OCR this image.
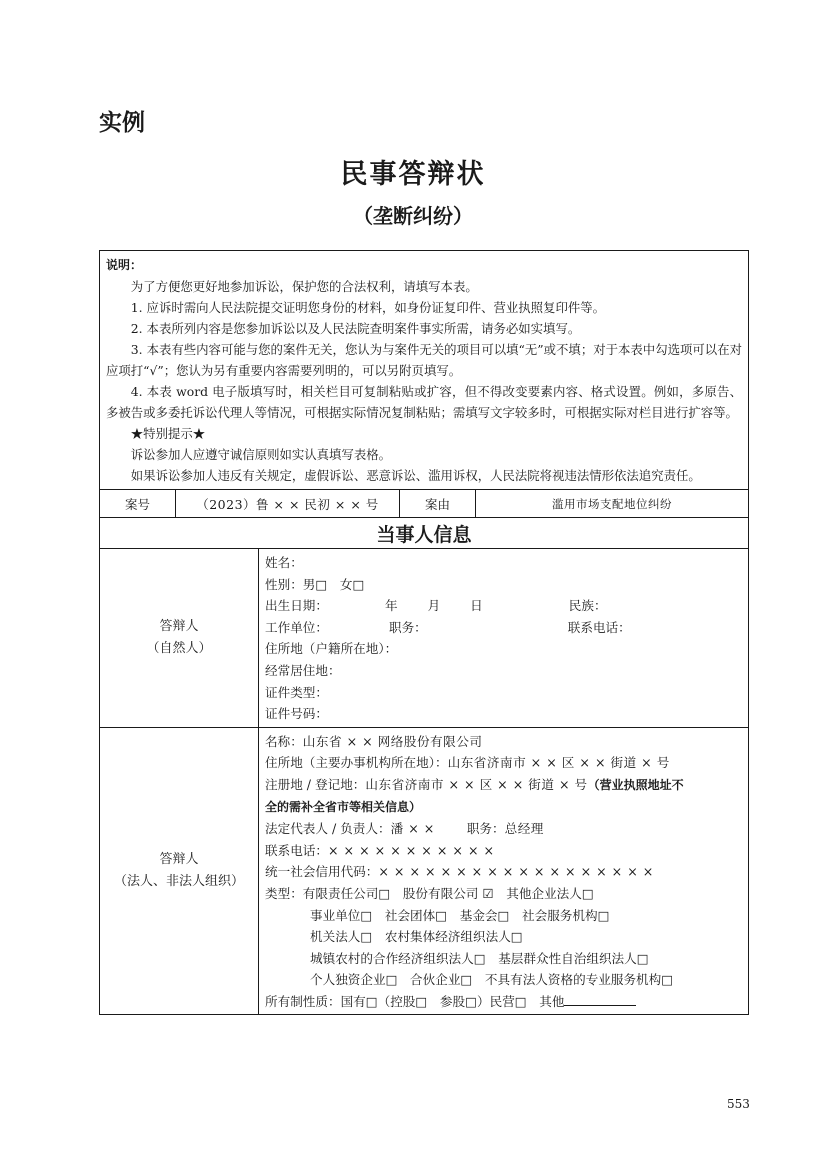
实例
民事答辩状
（垄断纠纷）

说明：

为了方便您更好地参加诉讼，保护您的合法权利，请填写本表。

1. 应诉时需向人民法院提交证明您身份的材料，如身份证复印件、营业执照复印件等。

2. 本表所列内容是您参加诉讼以及人民法院查明案件事实所需，请务必如实填写。

3. 本表有些内容可能与您的案件无关，您认为与案件无关的项目可以填“无”或不填；对于本表中勾选项可以在对应项打“√”；您认为另有重要内容需要列明的，可以另附页填写。

4. 本表 word 电子版填写时，相关栏目可复制粘贴或扩容，但不得改变要素内容、格式设置。例如，多原告、多被告或多委托诉讼代理人等情况，可根据实际情况复制粘贴；需填写文字较多时，可根据实际对栏目进行扩容等。

★特别提示★

诉讼参加人应遵守诚信原则如实认真填写表格。

如果诉讼参加人违反有关规定，虚假诉讼、恶意诉讼、滥用诉权，人民法院将视违法情形依法追究责任。

案号	（2023）鲁 × × 民初 × × 号	案由	滥用市场支配地位纠纷
当事人信息
答辩人
（自然人）
姓名：
性别：男□　女□
出生日期：	年 月 日	民族：
工作单位：	职务：	联系电话：
住所地（户籍所在地）：
经常居住地：
证件类型：
证件号码：
答辩人
（法人、非法人组织）
名称：山东省 × × 网络股份有限公司
住所地（主要办事机构所在地）：山东省济南市 × × 区 × × 街道 × 号
注册地 / 登记地：山东省济南市 × × 区 × × 街道 × 号（营业执照地址不
全的需补全省市等相关信息）
法定代表人 / 负责人：潘 × ×	职务：总经理
联系电话：× × × × × × × × × × ×
统一社会信用代码：× × × × × × × × × × × × × × × × × ×
类型：有限责任公司□　股份有限公司 ☑　其他企业法人□
事业单位□　社会团体□　基金会□　社会服务机构□
机关法人□　农村集体经济组织法人□
城镇农村的合作经济组织法人□　基层群众性自治组织法人□
个人独资企业□　合伙企业□　不具有法人资格的专业服务机构□
所有制性质：国有□（控股□　参股□）民营□　其他
553
